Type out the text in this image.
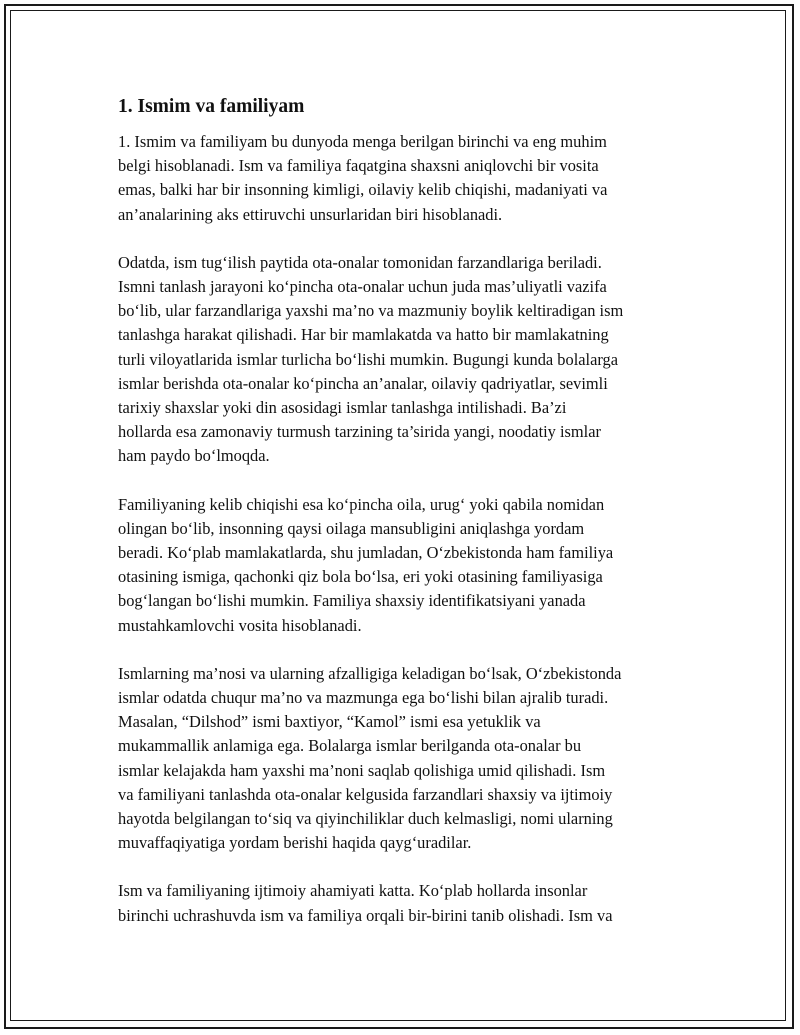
1. Ismim va familiyam

1. Ismim va familiyam bu dunyoda menga berilgan birinchi va eng muhim
belgi hisoblanadi. Ism va familiya faqatgina shaxsni aniqlovchi bir vosita
emas, balki har bir insonning kimligi, oilaviy kelib chiqishi, madaniyati va
an’analarining aks ettiruvchi unsurlaridan biri hisoblanadi.

Odatda, ism tug‘ilish paytida ota-onalar tomonidan farzandlariga beriladi.
Ismni tanlash jarayoni ko‘pincha ota-onalar uchun juda mas’uliyatli vazifa
bo‘lib, ular farzandlariga yaxshi ma’no va mazmuniy boylik keltiradigan ism
tanlashga harakat qilishadi. Har bir mamlakatda va hatto bir mamlakatning
turli viloyatlarida ismlar turlicha bo‘lishi mumkin. Bugungi kunda bolalarga
ismlar berishda ota-onalar ko‘pincha an’analar, oilaviy qadriyatlar, sevimli
tarixiy shaxslar yoki din asosidagi ismlar tanlashga intilishadi. Ba’zi
hollarda esa zamonaviy turmush tarzining ta’sirida yangi, noodatiy ismlar
ham paydo bo‘lmoqda.

Familiyaning kelib chiqishi esa ko‘pincha oila, urug‘ yoki qabila nomidan
olingan bo‘lib, insonning qaysi oilaga mansubligini aniqlashga yordam
beradi. Ko‘plab mamlakatlarda, shu jumladan, O‘zbekistonda ham familiya
otasining ismiga, qachonki qiz bola bo‘lsa, eri yoki otasining familiyasiga
bog‘langan bo‘lishi mumkin. Familiya shaxsiy identifikatsiyani yanada
mustahkamlovchi vosita hisoblanadi.

Ismlarning ma’nosi va ularning afzalligiga keladigan bo‘lsak, O‘zbekistonda
ismlar odatda chuqur ma’no va mazmunga ega bo‘lishi bilan ajralib turadi.
Masalan, “Dilshod” ismi baxtiyor, “Kamol” ismi esa yetuklik va
mukammallik anlamiga ega. Bolalarga ismlar berilganda ota-onalar bu
ismlar kelajakda ham yaxshi ma’noni saqlab qolishiga umid qilishadi. Ism
va familiyani tanlashda ota-onalar kelgusida farzandlari shaxsiy va ijtimoiy
hayotda belgilangan to‘siq va qiyinchiliklar duch kelmasligi, nomi ularning
muvaffaqiyatiga yordam berishi haqida qayg‘uradilar.

Ism va familiyaning ijtimoiy ahamiyati katta. Ko‘plab hollarda insonlar
birinchi uchrashuvda ism va familiya orqali bir-birini tanib olishadi. Ism va
